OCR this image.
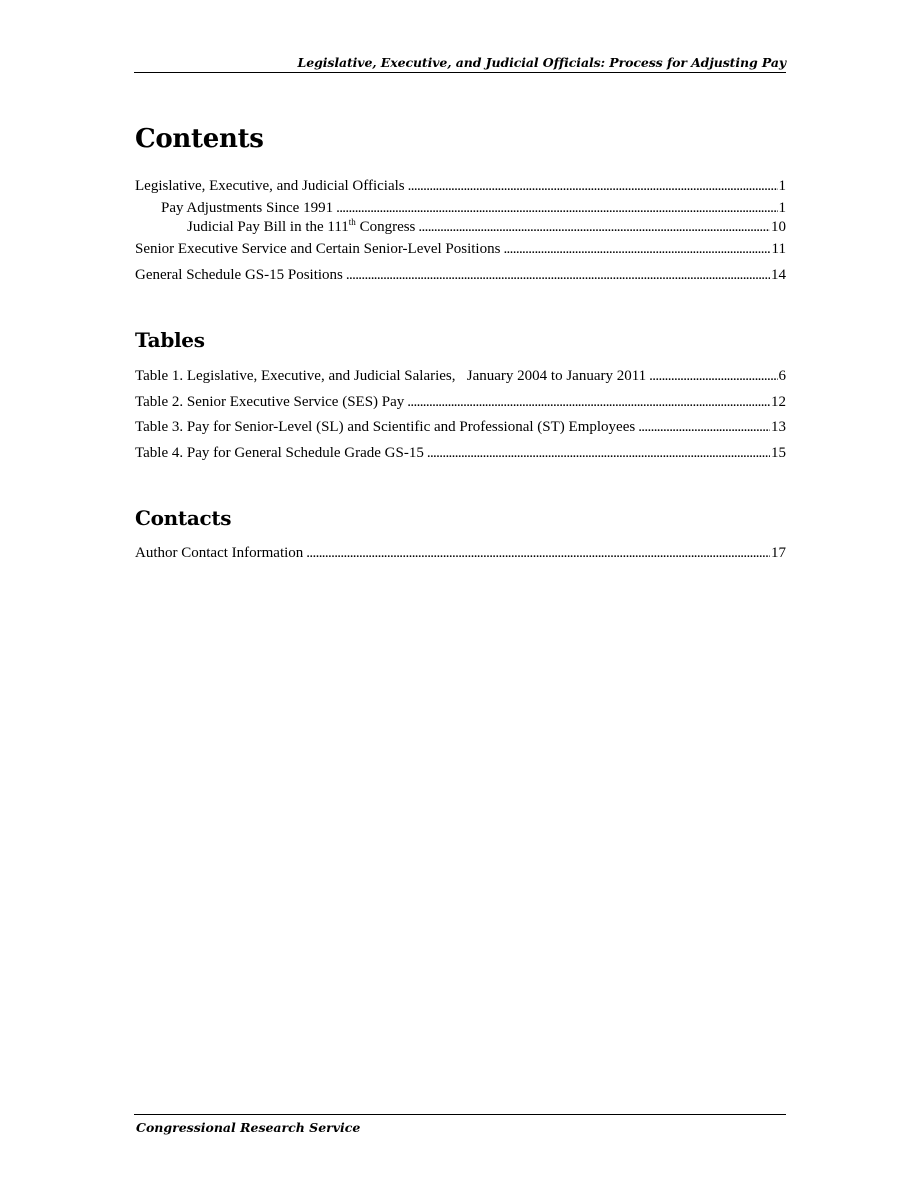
Legislative, Executive, and Judicial Officials: Process for Adjusting Pay
Contents
Legislative, Executive, and Judicial Officials . . .	1
Pay Adjustments Since 1991 . . .	1
Judicial Pay Bill in the 111th Congress . . .	10
Senior Executive Service and Certain Senior-Level Positions . . .	11
General Schedule GS-15 Positions . . .	14
Tables
Table 1. Legislative, Executive, and Judicial Salaries,   January 2004 to January 2011 . . .	6
Table 2. Senior Executive Service (SES) Pay . . .	12
Table 3. Pay for Senior-Level (SL) and Scientific and Professional (ST) Employees . . .	13
Table 4. Pay for General Schedule Grade GS-15 . . .	15
Contacts
Author Contact Information . . .	17
Congressional Research Service
